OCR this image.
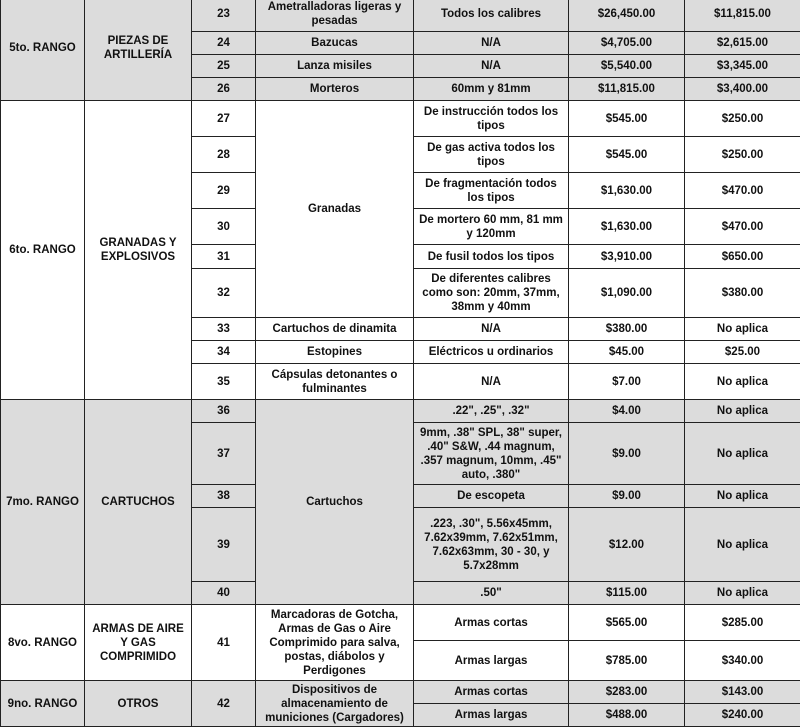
5to. RANGO	PIEZAS DE ARTILLERÍA	23	Ametralladoras ligeras y pesadas	Todos los calibres	$26,450.00	$11,815.00
		24	Bazucas	N/A	$4,705.00	$2,615.00
		25	Lanza misiles	N/A	$5,540.00	$3,345.00
		26	Morteros	60mm y 81mm	$11,815.00	$3,400.00
6to. RANGO	GRANADAS Y EXPLOSIVOS	27	Granadas	De instrucción todos los tipos	$545.00	$250.00
		28		De gas activa todos los tipos	$545.00	$250.00
		29		De fragmentación todos los tipos	$1,630.00	$470.00
		30		De mortero 60 mm, 81 mm y 120mm	$1,630.00	$470.00
		31		De fusil todos los tipos	$3,910.00	$650.00
		32		De diferentes calibres como son: 20mm, 37mm, 38mm y 40mm	$1,090.00	$380.00
		33	Cartuchos de dinamita	N/A	$380.00	No aplica
		34	Estopines	Eléctricos u ordinarios	$45.00	$25.00
		35	Cápsulas detonantes o fulminantes	N/A	$7.00	No aplica
7mo. RANGO	CARTUCHOS	36	Cartuchos	.22", .25", .32"	$4.00	No aplica
		37		9mm, .38" SPL, 38" super, .40" S&W, .44 magnum, .357 magnum, 10mm, .45" auto, .380"	$9.00	No aplica
		38		De escopeta	$9.00	No aplica
		39		.223, .30", 5.56x45mm, 7.62x39mm, 7.62x51mm, 7.62x63mm, 30 - 30, y 5.7x28mm	$12.00	No aplica
		40		.50"	$115.00	No aplica
8vo. RANGO	ARMAS DE AIRE Y GAS COMPRIMIDO	41	Marcadoras de Gotcha, Armas de Gas o Aire Comprimido para salva, postas, diábolos y Perdigones	Armas cortas	$565.00	$285.00
				Armas largas	$785.00	$340.00
9no. RANGO	OTROS	42	Dispositivos de almacenamiento de municiones (Cargadores)	Armas cortas	$283.00	$143.00
				Armas largas	$488.00	$240.00
